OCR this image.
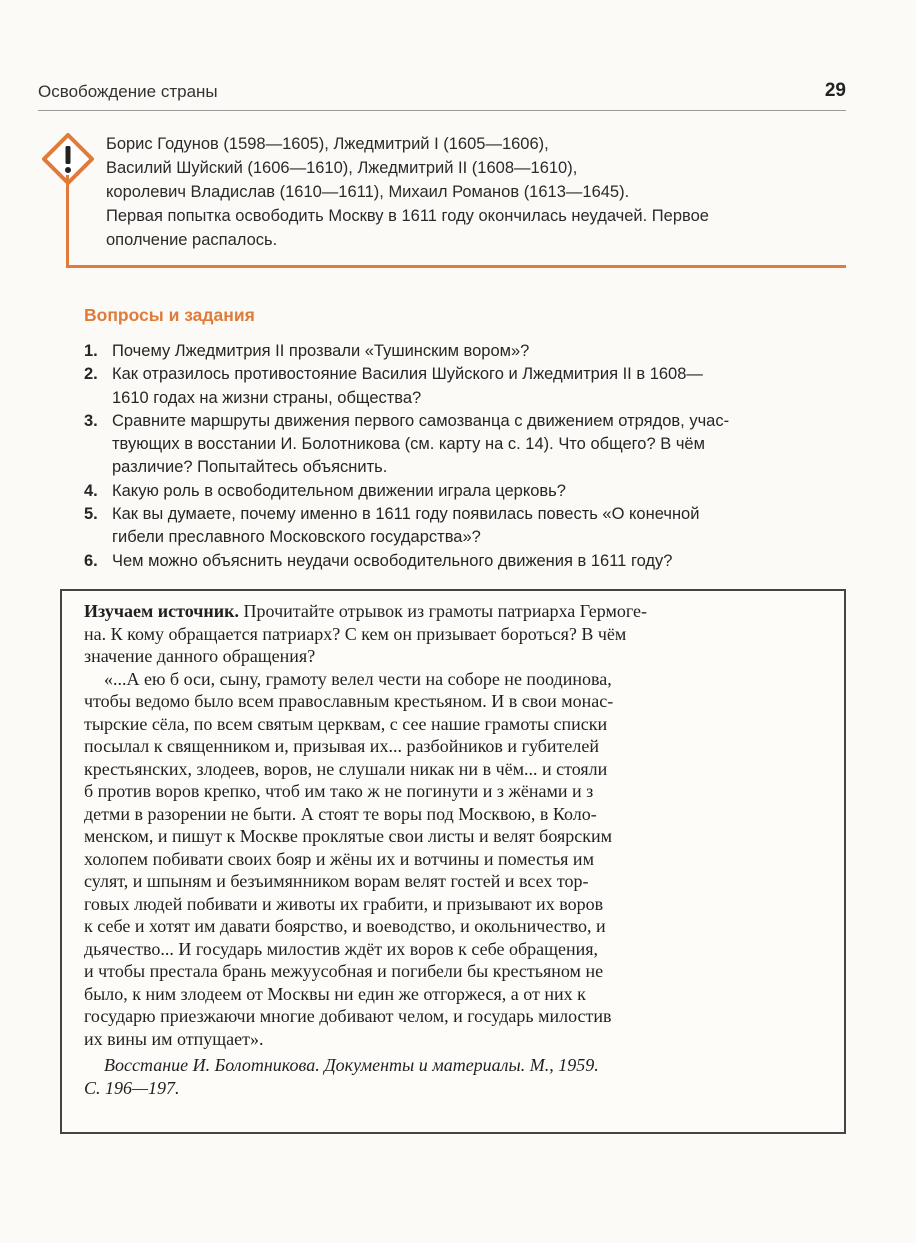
Освобождение страны	29
Борис Годунов (1598—1605), Лжедмитрий I (1605—1606),
Василий Шуйский (1606—1610), Лжедмитрий II (1608—1610),
королевич Владислав (1610—1611), Михаил Романов (1613—1645).
Первая попытка освободить Москву в 1611 году окончилась неудачей. Первое
ополчение распалось.
Вопросы и задания
1. Почему Лжедмитрия II прозвали «Тушинским вором»?
2. Как отразилось противостояние Василия Шуйского и Лжедмитрия II в 1608—
1610 годах на жизни страны, общества?
3. Сравните маршруты движения первого самозванца с движением отрядов, учас-
твующих в восстании И. Болотникова (см. карту на с. 14). Что общего? В чём
различие? Попытайтесь объяснить.
4. Какую роль в освободительном движении играла церковь?
5. Как вы думаете, почему именно в 1611 году появилась повесть «О конечной
гибели преславного Московского государства»?
6. Чем можно объяснить неудачи освободительного движения в 1611 году?
Изучаем источник. Прочитайте отрывок из грамоты патриарха Гермоге-
на. К кому обращается патриарх? С кем он призывает бороться? В чём
значение данного обращения?
«...А ею б оси, сыну, грамоту велел чести на соборе не поодинова,
чтобы ведомо было всем православным крестьяном. И в свои монас-
тырские сёла, по всем святым церквам, с сее нашие грамоты списки
посылал к священником и, призывая их... разбойников и губителей
крестьянских, злодеев, воров, не слушали никак ни в чём... и стояли
б против воров крепко, чтоб им тако ж не погинути и з жёнами и з
детми в разорении не быти. А стоят те воры под Москвою, в Коло-
менском, и пишут к Москве проклятые свои листы и велят боярским
холопем побивати своих бояр и жёны их и вотчины и поместья им
сулят, и шпыням и безъимянником ворам велят гостей и всех тор-
говых людей побивати и животы их грабити, и призывают их воров
к себе и хотят им давати боярство, и воеводство, и окольничество, и
дьячество... И государь милостив ждёт их воров к себе обращения,
и чтобы престала брань межуусобная и погибели бы крестьяном не
было, к ним злодеем от Москвы ни един же отгоржеся, а от них к
государю приезжаючи многие добивают челом, и государь милостив
их вины им отпущает».
Восстание И. Болотникова. Документы и материалы. М., 1959.
С. 196—197.
